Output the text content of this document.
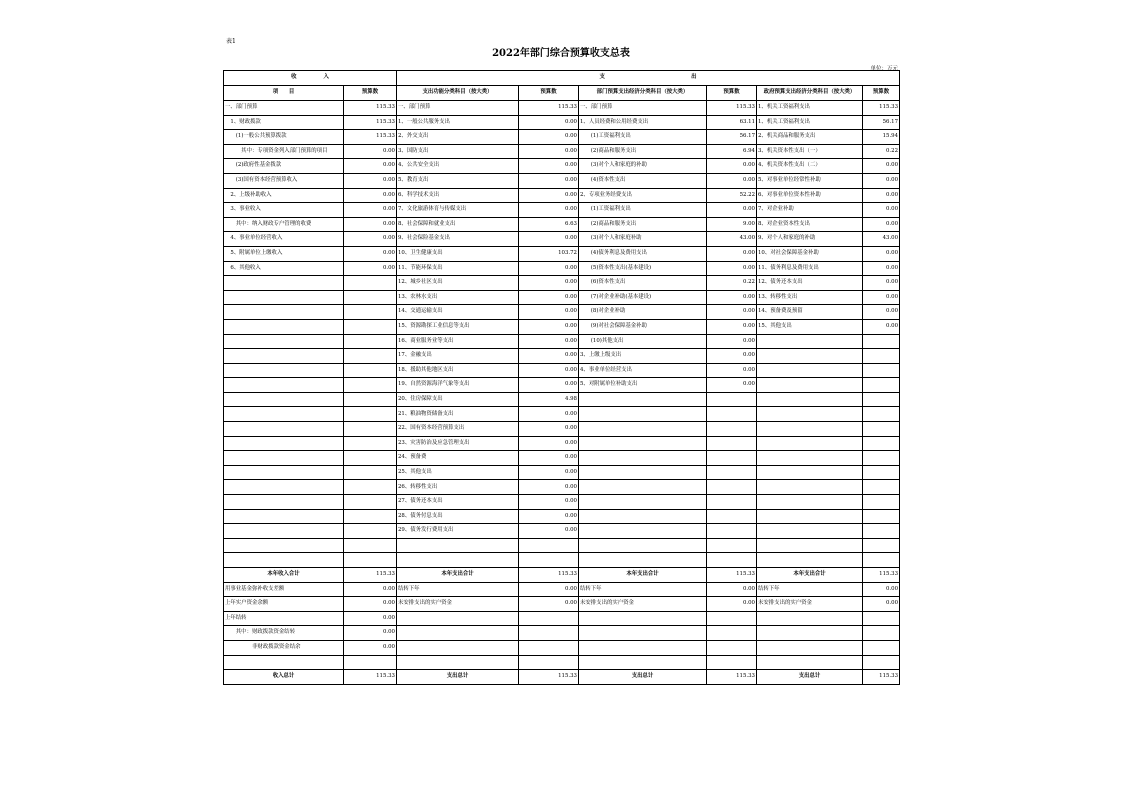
表1
2022年部门综合预算收支总表
单位：万元
收　　　　　入		支　　　　　　　　　　　　　　　　出					
项　　目	预算数	支出功能分类科目（按大类）	预算数	部门预算支出经济分类科目（按大类）	预算数	政府预算支出经济分类科目（按大类）	预算数
一、部门预算	115.33	一、部门预算	115.33	一、部门预算	115.33	1、机关工资福利支出	115.33
　1、财政拨款	115.33	1、一般公共服务支出	0.00	1、人员经费和公用经费支出	63.11	1、机关工资福利支出	56.17
　　(1)一般公共预算拨款	115.33	2、外交支出	0.00	　　(1)工资福利支出	56.17	2、机关商品和服务支出	15.94
　　　其中：专项资金列入部门预算的项目	0.00	3、国防支出	0.00	　　(2)商品和服务支出	6.94	3、机关资本性支出（一）	0.22
　　(2)政府性基金拨款	0.00	4、公共安全支出	0.00	　　(3)对个人和家庭的补助	0.00	4、机关资本性支出（二）	0.00
　　(3)国有资本经营预算收入	0.00	5、教育支出	0.00	　　(4)资本性支出	0.00	5、对事业单位经常性补助	0.00
　2、上级补助收入	0.00	6、科学技术支出	0.00	2、专项业务经费支出	52.22	6、对事业单位资本性补助	0.00
　3、事业收入	0.00	7、文化旅游体育与传媒支出	0.00	　　(1)工资福利支出	0.00	7、对企业补助	0.00
　　其中：纳入财政专户管理的收费	0.00	8、社会保障和就业支出	6.63	　　(2)商品和服务支出	9.00	8、对企业资本性支出	0.00
　4、事业单位经营收入	0.00	9、社会保险基金支出	0.00	　　(3)对个人和家庭补助	43.00	9、对个人和家庭的补助	43.00
　5、附属单位上缴收入	0.00	10、卫生健康支出	103.72	　　(4)债务利息及费用支出	0.00	10、对社会保障基金补助	0.00
　6、其他收入	0.00	11、节能环保支出	0.00	　　(5)资本性支出(基本建设)	0.00	11、债务利息及费用支出	0.00
		12、城乡社区支出	0.00	　　(6)资本性支出	0.22	12、债务还本支出	0.00
		13、农林水支出	0.00	　　(7)对企业补助(基本建设)	0.00	13、转移性支出	0.00
		14、交通运输支出	0.00	　　(8)对企业补助	0.00	14、预备费及预留	0.00
		15、资源勘探工业信息等支出	0.00	　　(9)对社会保障基金补助	0.00	15、其他支出	0.00
		16、商业服务业等支出	0.00	　　(10)其他支出	0.00		
		17、金融支出	0.00	3、上缴上级支出	0.00		
		18、援助其他地区支出	0.00	4、事业单位经营支出	0.00		
		19、自然资源海洋气象等支出	0.00	5、对附属单位补助支出	0.00		
		20、住房保障支出	4.98				
		21、粮油物资储备支出	0.00				
		22、国有资本经营预算支出	0.00				
		23、灾害防治及应急管理支出	0.00				
		24、预备费	0.00				
		25、其他支出	0.00				
		26、转移性支出	0.00				
		27、债务还本支出	0.00				
		28、债务付息支出	0.00				
		29、债务发行费用支出	0.00				

本年收入合计	115.33	本年支出合计	115.33	本年支出合计	115.33	本年支出合计	115.33
用事业基金弥补收支差额	0.00	结转下年	0.00	结转下年	0.00	结转下年	0.00
上年实户资金余额	0.00	未安排支出的实户资金	0.00	未安排支出的实户资金	0.00	未安排支出的实户资金	0.00
上年结转	0.00						
　　其中：财政拨款资金结转	0.00						
　　　　　非财政拨款资金结余	0.00						

收入总计	115.33	支出总计	115.33	支出总计	115.33	支出总计	115.33
